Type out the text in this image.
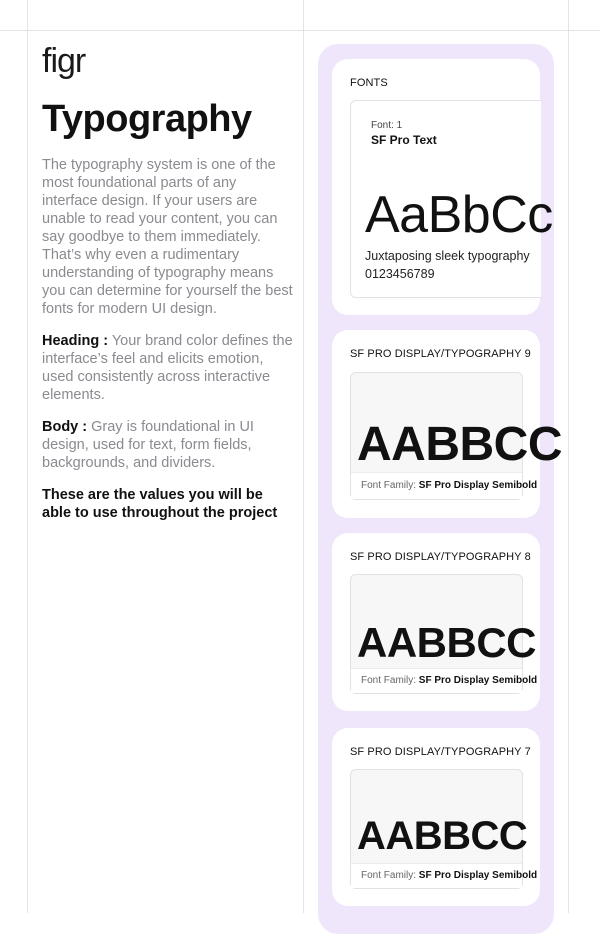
figr
Typography

The typography system is one of the most foundational parts of any interface design. If your users are unable to read your content, you can say goodbye to them immediately. That’s why even a rudimentary understanding of typography means you can determine for yourself the best fonts for modern UI design.

Heading : Your brand color defines the interface’s feel and elicits emotion, used consistently across interactive elements.

Body : Gray is foundational in UI design, used for text, form fields, backgrounds, and dividers.

These are the values you will be able to use throughout the project

FONTS
Font: 1
SF Pro Text
AaBbCc
Juxtaposing sleek typography
0123456789
SF PRO DISPLAY/TYPOGRAPHY 9
AABBCC
Font Family: SF Pro Display Semibold
SF PRO DISPLAY/TYPOGRAPHY 8
AABBCC
Font Family: SF Pro Display Semibold
SF PRO DISPLAY/TYPOGRAPHY 7
AABBCC
Font Family: SF Pro Display Semibold
